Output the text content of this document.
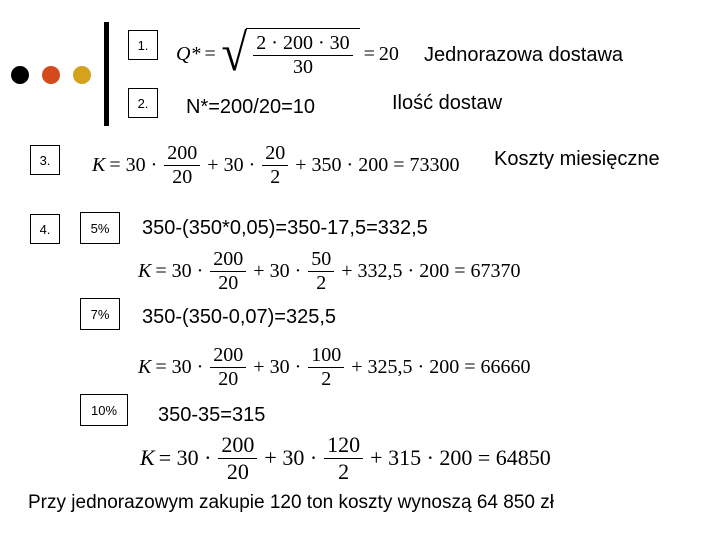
1. Q* = √ $\frac{2 \cdot 200 \cdot 30}{30} = 20$ Jednorazowa dostawa
2. N*=200/20=10	Ilość dostaw
3. $K = 30 \cdot \frac{200}{20} + 30 \cdot \frac{20}{2} + 350 \cdot 200 = 73300$ Koszty miesięczne
4.	5% 350-(350*0,05)=350-17,5=332,5
$K = 30 \cdot \frac{200}{20} + 30 \cdot \frac{50}{2} + 332,5 \cdot 200 = 67370$
7% 350-(350-0,07)=325,5
$K = 30 \cdot \frac{200}{20} + 30 \cdot \frac{100}{2} + 325,5 \cdot 200 = 66660$
10% 350-35=315
$K = 30 \cdot \frac{200}{20} + 30 \cdot \frac{120}{2} + 315 \cdot 200 = 64850$
Przy jednorazowym zakupie 120 ton koszty wynoszą 64 850 zł
